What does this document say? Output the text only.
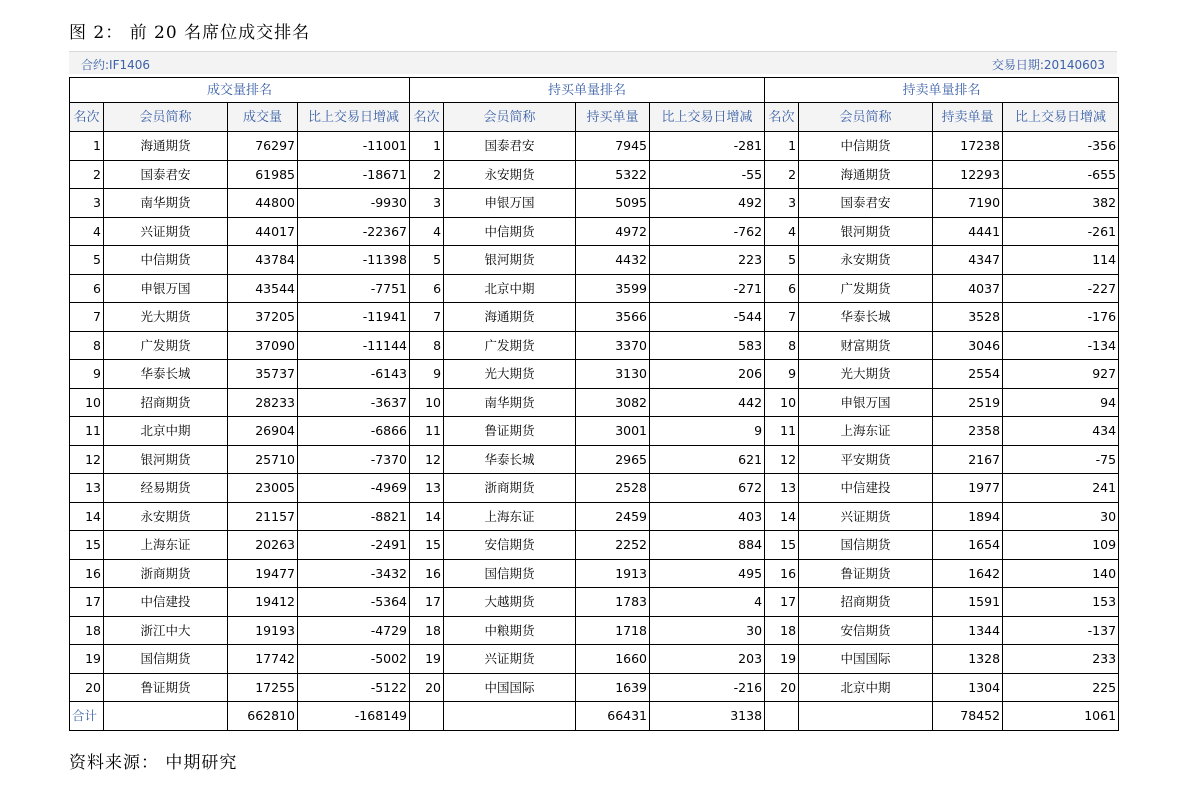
图 2： 前 20 名席位成交排名
合约:IF1406	交易日期:20140603
成交量排名				持买单量排名				持卖单量排名			
名次	会员简称	成交量	比上交易日增减	名次	会员简称	持买单量	比上交易日增减	名次	会员简称	持卖单量	比上交易日增减
1	海通期货	76297	-11001	1	国泰君安	7945	-281	1	中信期货	17238	-356
2	国泰君安	61985	-18671	2	永安期货	5322	-55	2	海通期货	12293	-655
3	南华期货	44800	-9930	3	申银万国	5095	492	3	国泰君安	7190	382
4	兴证期货	44017	-22367	4	中信期货	4972	-762	4	银河期货	4441	-261
5	中信期货	43784	-11398	5	银河期货	4432	223	5	永安期货	4347	114
6	申银万国	43544	-7751	6	北京中期	3599	-271	6	广发期货	4037	-227
7	光大期货	37205	-11941	7	海通期货	3566	-544	7	华泰长城	3528	-176
8	广发期货	37090	-11144	8	广发期货	3370	583	8	财富期货	3046	-134
9	华泰长城	35737	-6143	9	光大期货	3130	206	9	光大期货	2554	927
10	招商期货	28233	-3637	10	南华期货	3082	442	10	申银万国	2519	94
11	北京中期	26904	-6866	11	鲁证期货	3001	9	11	上海东证	2358	434
12	银河期货	25710	-7370	12	华泰长城	2965	621	12	平安期货	2167	-75
13	经易期货	23005	-4969	13	浙商期货	2528	672	13	中信建投	1977	241
14	永安期货	21157	-8821	14	上海东证	2459	403	14	兴证期货	1894	30
15	上海东证	20263	-2491	15	安信期货	2252	884	15	国信期货	1654	109
16	浙商期货	19477	-3432	16	国信期货	1913	495	16	鲁证期货	1642	140
17	中信建投	19412	-5364	17	大越期货	1783	4	17	招商期货	1591	153
18	浙江中大	19193	-4729	18	中粮期货	1718	30	18	安信期货	1344	-137
19	国信期货	17742	-5002	19	兴证期货	1660	203	19	中国国际	1328	233
20	鲁证期货	17255	-5122	20	中国国际	1639	-216	20	北京中期	1304	225
合计		662810	-168149			66431	3138			78452	1061
资料来源： 中期研究
